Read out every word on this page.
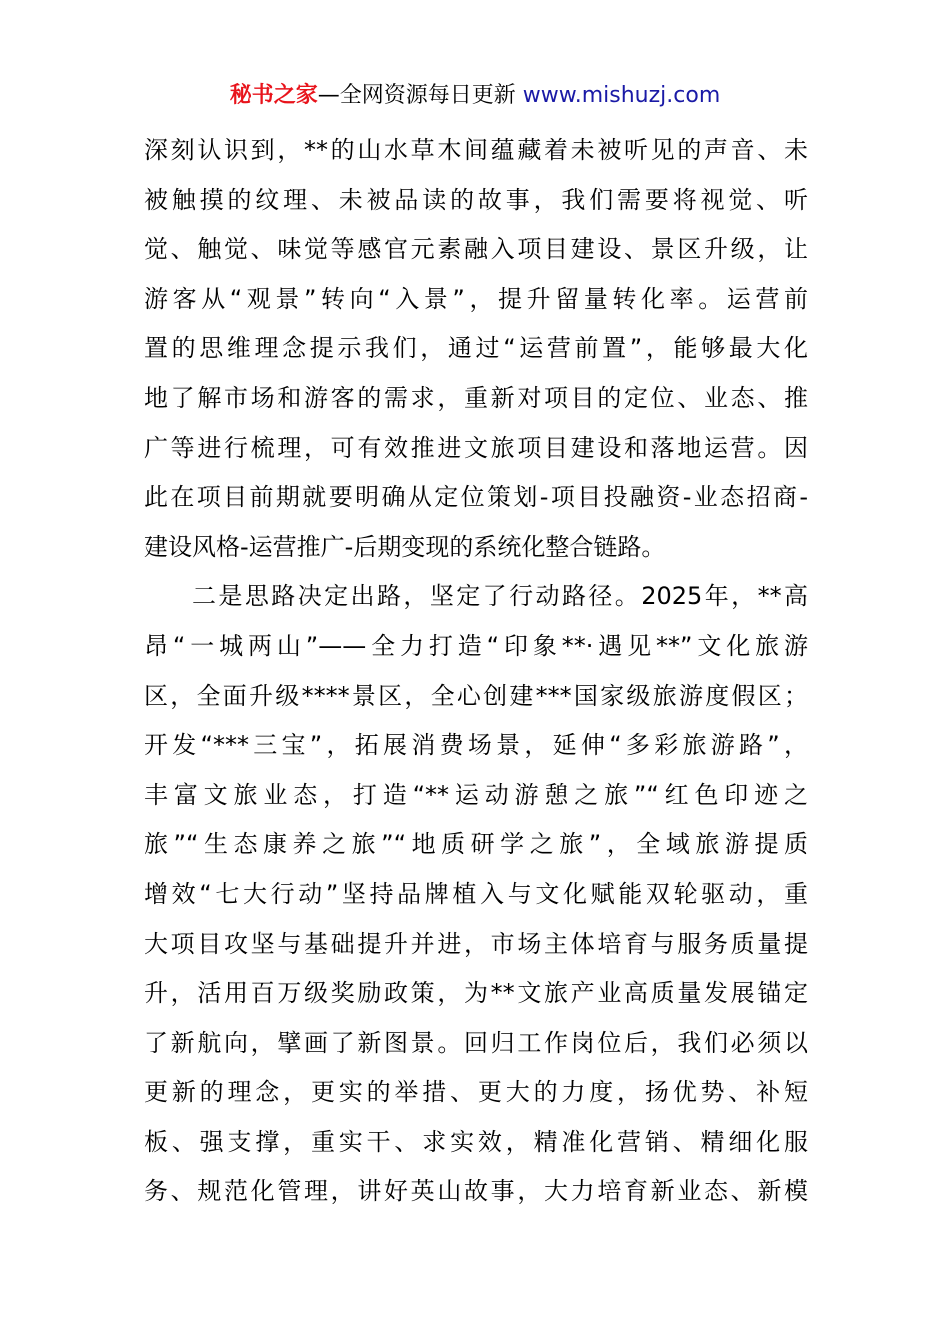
秘书之家—全网资源每日更新 www.mishuzj.com
深刻认识到，**的山水草木间蕴藏着未被听见的声音、未
被触摸的纹理、未被品读的故事，我们需要将视觉、听
觉、触觉、味觉等感官元素融入项目建设、景区升级，让
游客从“观景”转向“入景”，提升留量转化率。运营前
置的思维理念提示我们，通过“运营前置”，能够最大化
地了解市场和游客的需求，重新对项目的定位、业态、推
广等进行梳理，可有效推进文旅项目建设和落地运营。因
此在项目前期就要明确从定位策划-项目投融资-业态招商-
建设风格-运营推广-后期变现的系统化整合链路。
二是思路决定出路，坚定了行动路径。2025年，**高
昂“一城两山”——全力打造“印象**·遇见**”文化旅游
区，全面升级****景区，全心创建***国家级旅游度假区；
开发“***三宝”，拓展消费场景，延伸“多彩旅游路”，
丰富文旅业态，打造“**运动游憩之旅”“红色印迹之
旅”“生态康养之旅”“地质研学之旅”，全域旅游提质
增效“七大行动”坚持品牌植入与文化赋能双轮驱动，重
大项目攻坚与基础提升并进，市场主体培育与服务质量提
升，活用百万级奖励政策，为**文旅产业高质量发展锚定
了新航向，擘画了新图景。回归工作岗位后，我们必须以
更新的理念，更实的举措、更大的力度，扬优势、补短
板、强支撑，重实干、求实效，精准化营销、精细化服
务、规范化管理，讲好英山故事，大力培育新业态、新模
